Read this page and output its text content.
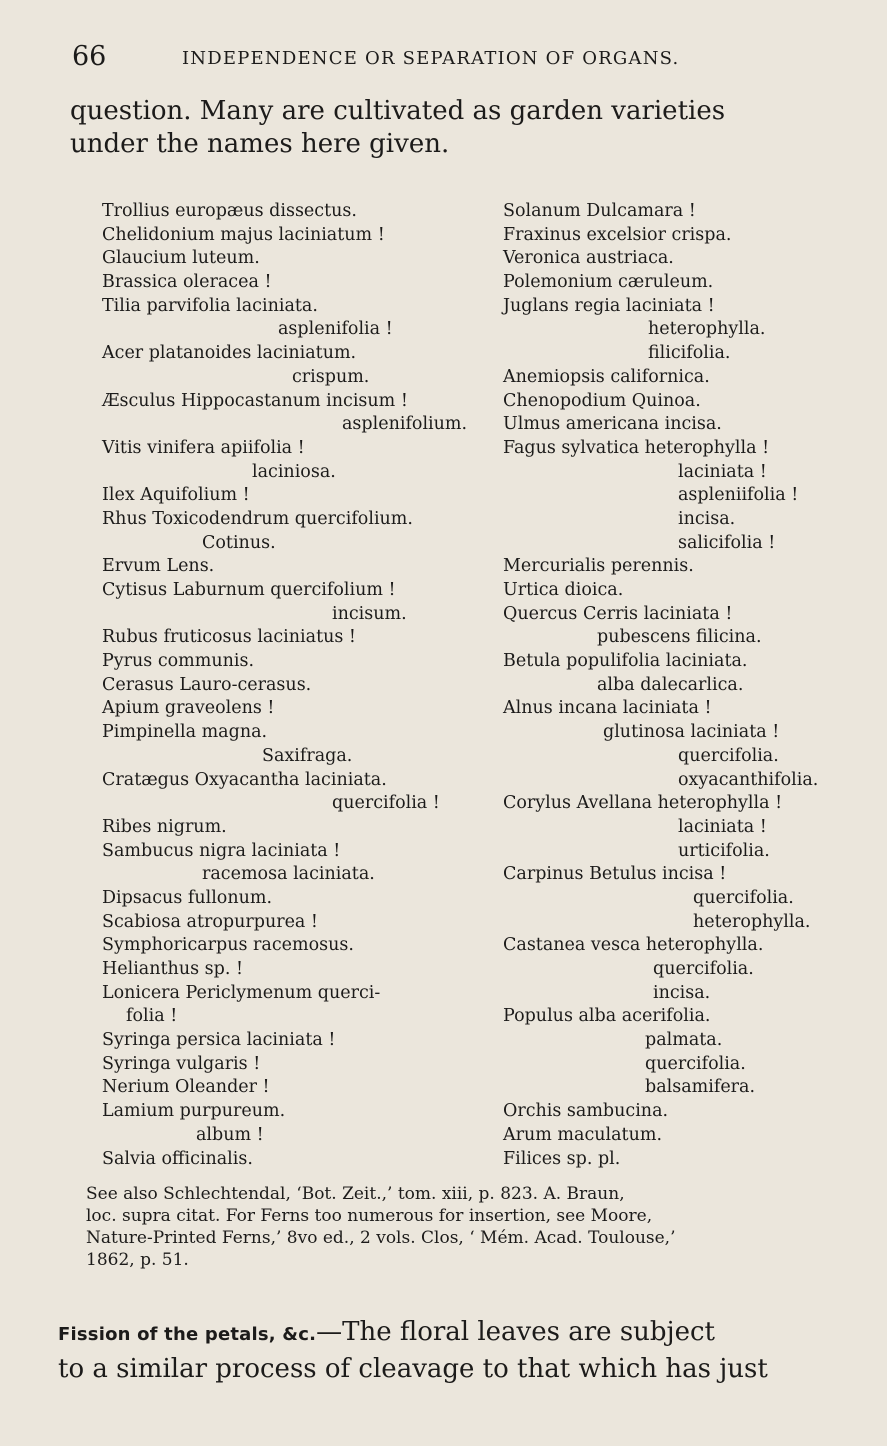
66	INDEPENDENCE OR SEPARATION OF ORGANS.
question. Many are cultivated as garden varieties
under the names here given.
Trollius europæus dissectus.
Chelidonium majus laciniatum !
Glaucium luteum.
Brassica oleracea !
Tilia parvifolia laciniata.
asplenifolia !
Acer platanoides laciniatum.
crispum.
Æsculus Hippocastanum incisum !
asplenifolium.
Vitis vinifera apiifolia !
laciniosa.
Ilex Aquifolium !
Rhus Toxicodendrum quercifolium.
Cotinus.
Ervum Lens.
Cytisus Laburnum quercifolium !
incisum.
Rubus fruticosus laciniatus !
Pyrus communis.
Cerasus Lauro-cerasus.
Apium graveolens !
Pimpinella magna.
Saxifraga.
Cratægus Oxyacantha laciniata.
quercifolia !
Ribes nigrum.
Sambucus nigra laciniata !
racemosa laciniata.
Dipsacus fullonum.
Scabiosa atropurpurea !
Symphoricarpus racemosus.
Helianthus sp. !
Lonicera Periclymenum querci-
folia !
Syringa persica laciniata !
Syringa vulgaris !
Nerium Oleander !
Lamium purpureum.
album !
Salvia officinalis.
Solanum Dulcamara !
Fraxinus excelsior crispa.
Veronica austriaca.
Polemonium cæruleum.
Juglans regia laciniata !
heterophylla.
filicifolia.
Anemiopsis californica.
Chenopodium Quinoa.
Ulmus americana incisa.
Fagus sylvatica heterophylla !
laciniata !
aspleniifolia !
incisa.
salicifolia !
Mercurialis perennis.
Urtica dioica.
Quercus Cerris laciniata !
pubescens filicina.
Betula populifolia laciniata.
alba dalecarlica.
Alnus incana laciniata !
glutinosa laciniata !
quercifolia.
oxyacanthifolia.
Corylus Avellana heterophylla !
laciniata !
urticifolia.
Carpinus Betulus incisa !
quercifolia.
heterophylla.
Castanea vesca heterophylla.
quercifolia.
incisa.
Populus alba acerifolia.
palmata.
quercifolia.
balsamifera.
Orchis sambucina.
Arum maculatum.
Filices sp. pl.
See also Schlechtendal, ‘Bot. Zeit.,’ tom. xiii, p. 823. A. Braun,
loc. supra citat. For Ferns too numerous for insertion, see Moore,
Nature-Printed Ferns,’ 8vo ed., 2 vols. Clos, ‘ Mém. Acad. Toulouse,’
1862, p. 51.
Fission of the petals, &c.—The floral leaves are subject
to a similar process of cleavage to that which has just
